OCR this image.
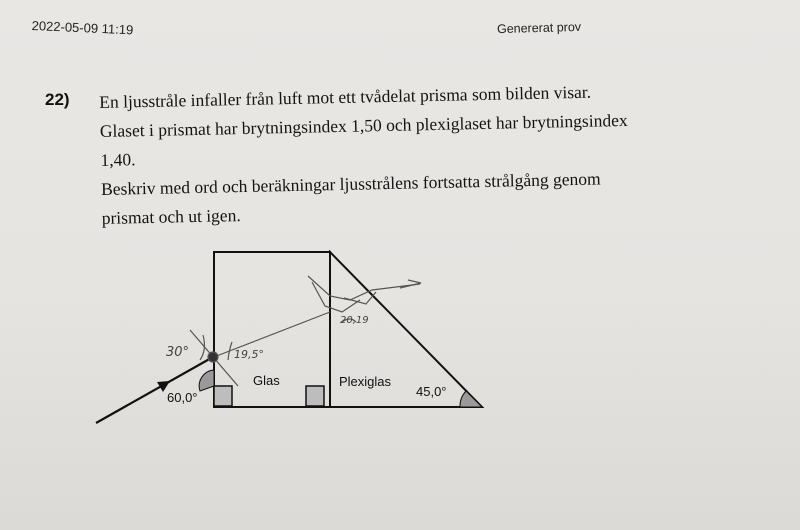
2022-05-09 11:19	Genererat prov
22) En ljusstråle infaller från luft mot ett tvådelat prisma som bilden visar.

Glaset i prismat har brytningsindex 1,50 och plexiglaset har brytningsindex

1,40.

Beskriv med ord och beräkningar ljusstrålens fortsatta strålgång genom

prismat och ut igen.

30°	19,5°
20,19
Glas	Plexiglas
60,0°	45,0°
